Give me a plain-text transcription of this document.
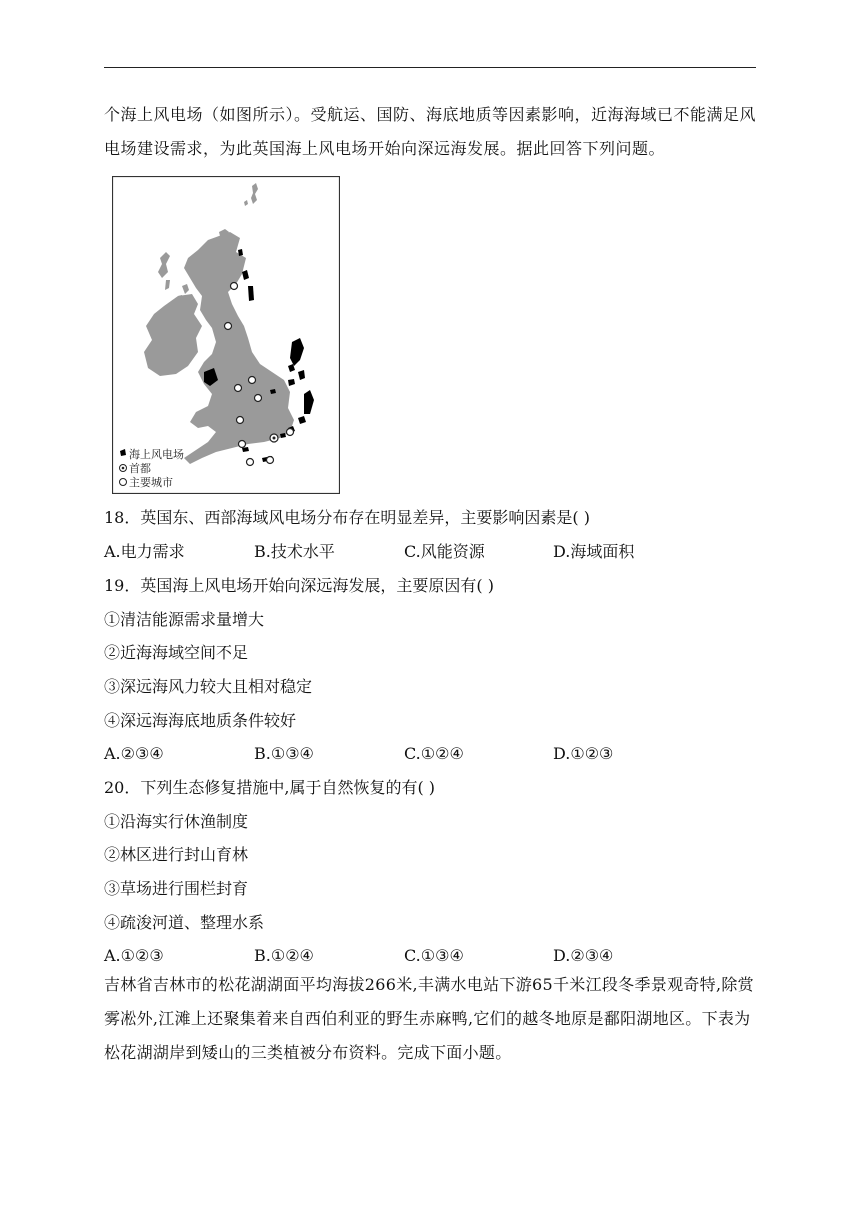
个海上风电场（如图所示）。受航运、国防、海底地质等因素影响，近海海域已不能满足风电场建设需求，为此英国海上风电场开始向深远海发展。据此回答下列问题。
海上风电场
首都
主要城市
18．英国东、西部海域风电场分布存在明显差异，主要影响因素是( )
A.电力需求	B.技术水平	C.风能资源	D.海域面积
19．英国海上风电场开始向深远海发展，主要原因有( )
①清洁能源需求量增大
②近海海域空间不足
③深远海风力较大且相对稳定
④深远海海底地质条件较好
A.②③④	B.①③④	C.①②④	D.①②③
20．下列生态修复措施中,属于自然恢复的有( )
①沿海实行休渔制度
②林区进行封山育林
③草场进行围栏封育
④疏浚河道、整理水系
A.①②③	B.①②④	C.①③④	D.②③④
吉林省吉林市的松花湖湖面平均海拔266米,丰满水电站下游65千米江段冬季景观奇特,除赏雾凇外,江滩上还聚集着来自西伯利亚的野生赤麻鸭,它们的越冬地原是鄱阳湖地区。下表为松花湖湖岸到矮山的三类植被分布资料。完成下面小题。
